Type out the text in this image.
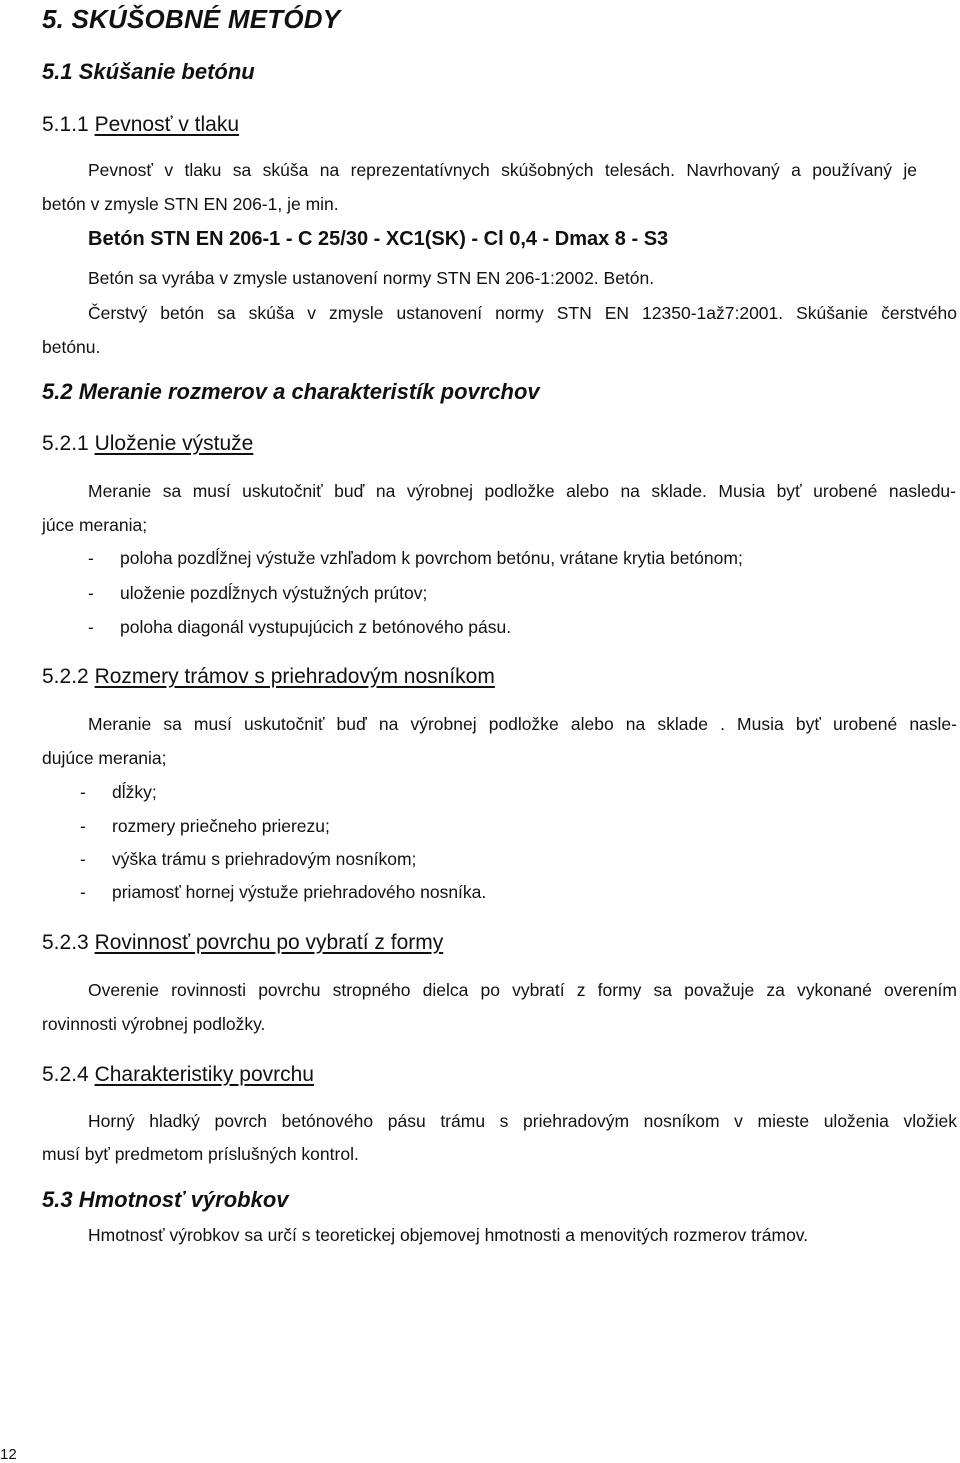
5. SKÚŠOBNÉ METÓDY
5.1 Skúšanie betónu
5.1.1 Pevnosť v tlaku
Pevnosť v tlaku sa skúša na reprezentatívnych skúšobných telesách. Navrhovaný a používaný je
betón v zmysle STN EN 206-1, je min.
Betón STN EN 206-1 - C 25/30 - XC1(SK) - Cl 0,4 - Dmax 8 - S3
Betón sa vyrába v zmysle ustanovení normy STN EN 206-1:2002. Betón.
Čerstvý betón sa skúša v zmysle ustanovení normy STN EN 12350-1až7:2001. Skúšanie čerstvého
betónu.
5.2 Meranie rozmerov a charakteristík povrchov
5.2.1 Uloženie výstuže
Meranie sa musí uskutočniť buď na výrobnej podložke alebo na sklade. Musia byť urobené nasledu-
júce merania;
- poloha pozdĺžnej výstuže vzhľadom k povrchom betónu, vrátane krytia betónom;
- uloženie pozdĺžnych výstužných prútov;
- poloha diagonál vystupujúcich z betónového pásu.
5.2.2 Rozmery trámov s priehradovým nosníkom
Meranie sa musí uskutočniť buď na výrobnej podložke alebo na sklade . Musia byť urobené nasle-
dujúce merania;
- dĺžky;
- rozmery priečneho prierezu;
- výška trámu s priehradovým nosníkom;
- priamosť hornej výstuže priehradového nosníka.
5.2.3 Rovinnosť povrchu po vybratí z formy
Overenie rovinnosti povrchu stropného dielca po vybratí z formy sa považuje za vykonané overením
rovinnosti výrobnej podložky.
5.2.4 Charakteristiky povrchu
Horný hladký povrch betónového pásu trámu s priehradovým nosníkom v mieste uloženia vložiek
musí byť predmetom príslušných kontrol.
5.3 Hmotnosť výrobkov
Hmotnosť výrobkov sa určí s teoretickej objemovej hmotnosti a menovitých rozmerov trámov.
12
